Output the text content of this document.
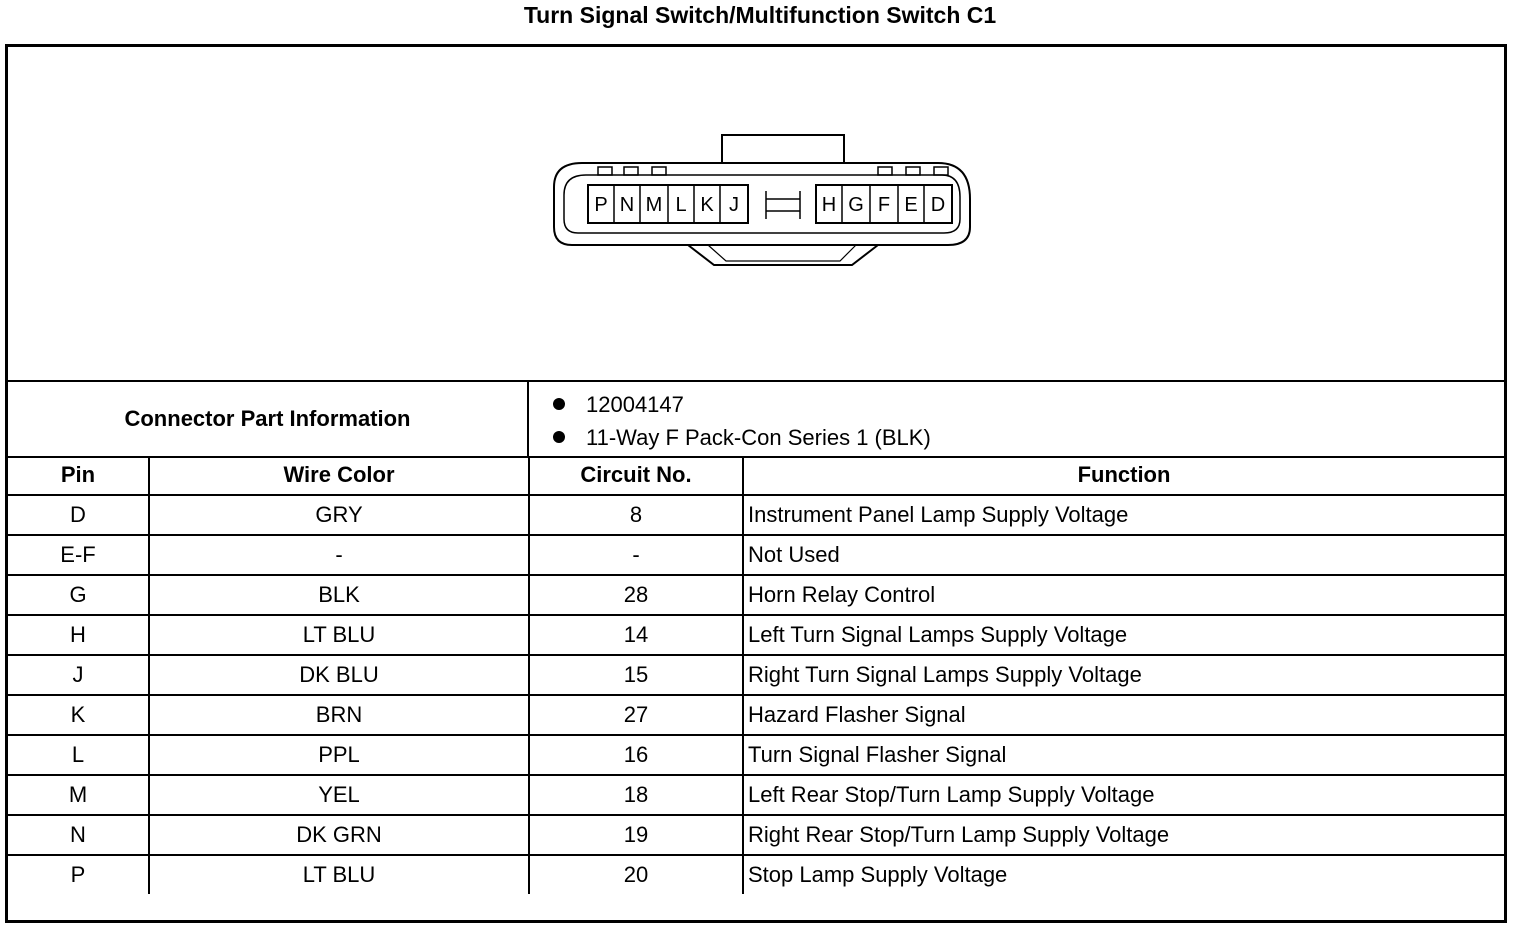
Turn Signal Switch/Multifunction Switch C1
P N M L K J	H G F E D
Connector Part Information
12004147
11-Way F Pack-Con Series 1 (BLK)
Pin	Wire Color	Circuit No.	Function
D	GRY	8	Instrument Panel Lamp Supply Voltage
E-F	-	-	Not Used
G	BLK	28	Horn Relay Control
H	LT BLU	14	Left Turn Signal Lamps Supply Voltage
J	DK BLU	15	Right Turn Signal Lamps Supply Voltage
K	BRN	27	Hazard Flasher Signal
L	PPL	16	Turn Signal Flasher Signal
M	YEL	18	Left Rear Stop/Turn Lamp Supply Voltage
N	DK GRN	19	Right Rear Stop/Turn Lamp Supply Voltage
P	LT BLU	20	Stop Lamp Supply Voltage
